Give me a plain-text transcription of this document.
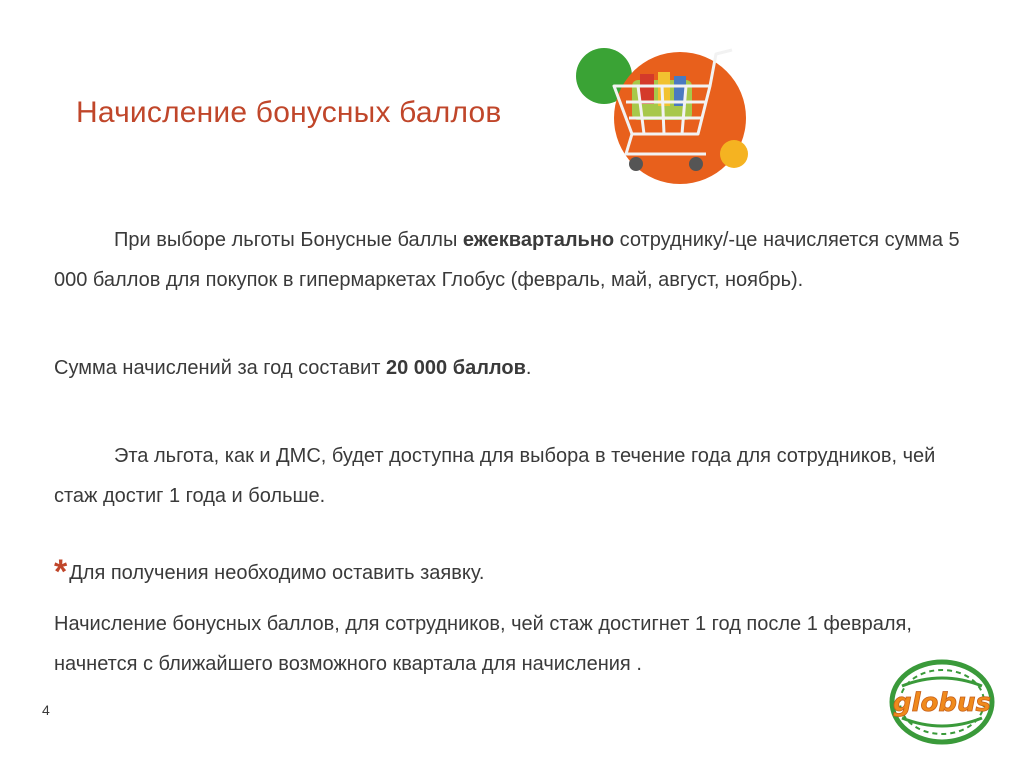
Начисление бонусных баллов

При выборе льготы Бонусные баллы ежеквартально сотруднику/-це начисляется сумма 5 000 баллов для покупок в гипермаркетах Глобус (февраль, май, август, ноябрь).

Сумма начислений за год составит 20 000 баллов.

Эта льгота, как и ДМС, будет доступна для выбора в течение года для сотрудников, чей стаж достиг 1 года и больше.

* Для получения необходимо оставить заявку.

Начисление бонусных баллов, для сотрудников, чей стаж достигнет 1 год после 1 февраля, начнется с ближайшего возможного квартала для начисления .

4	globus
